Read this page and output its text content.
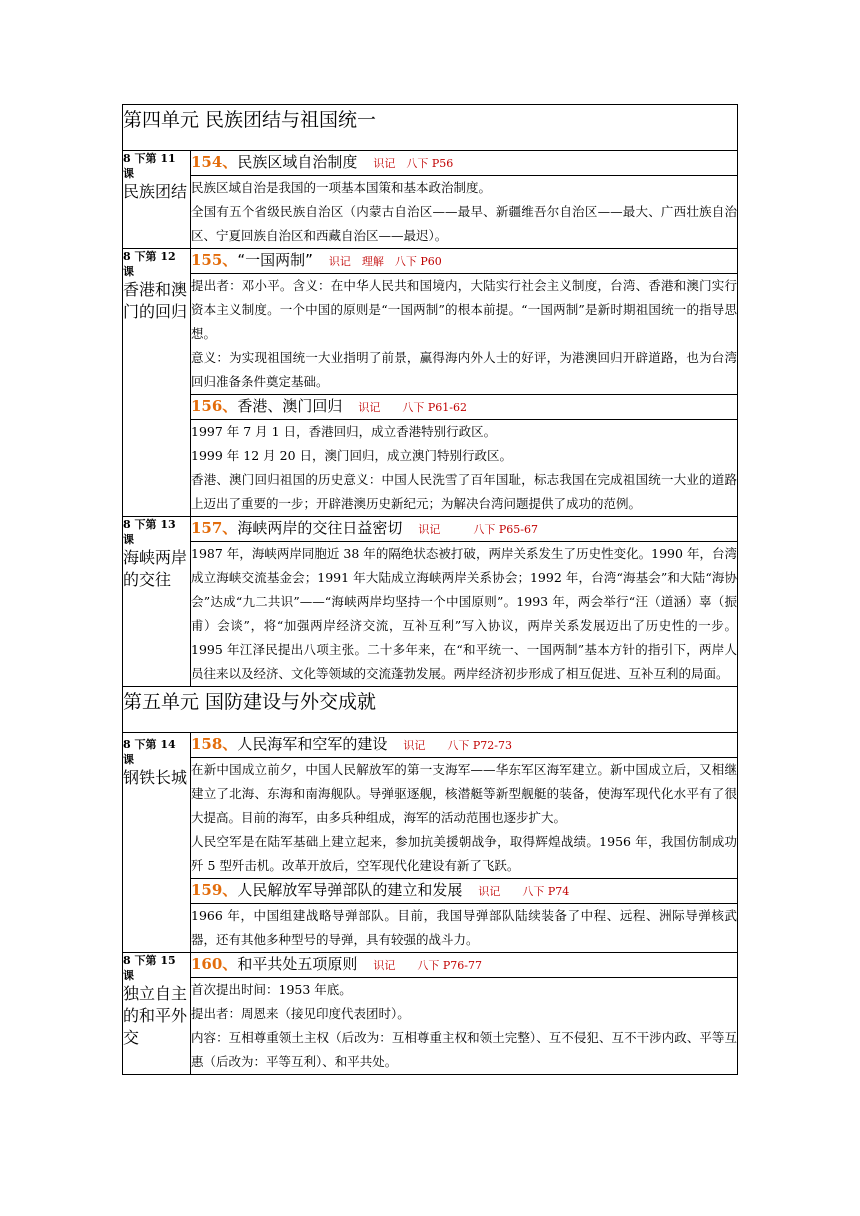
第四单元 民族团结与祖国统一	

8 下第 11 课
民族团结	154、民族区域自治制度 识记　八下 P56

	民族区域自治是我国的一项基本国策和基本政治制度。

全国有五个省级民族自治区（内蒙古自治区——最早、新疆维吾尔自治区——最大、广西壮族自治区、宁夏回族自治区和西藏自治区——最迟）。

8 下第 12 课
香港和澳门的回归	155、“一国两制” 识记　理解　八下 P60

	提出者：邓小平。含义：在中华人民共和国境内，大陆实行社会主义制度，台湾、香港和澳门实行资本主义制度。一个中国的原则是“一国两制”的根本前提。“一国两制”是新时期祖国统一的指导思想。

意义：为实现祖国统一大业指明了前景，赢得海内外人士的好评，为港澳回归开辟道路，也为台湾回归准备条件奠定基础。

	156、香港、澳门回归 识记　　八下 P61-62

	1997 年 7 月 1 日，香港回归，成立香港特别行政区。

1999 年 12 月 20 日，澳门回归，成立澳门特别行政区。

香港、澳门回归祖国的历史意义：中国人民洗雪了百年国耻，标志我国在完成祖国统一大业的道路上迈出了重要的一步；开辟港澳历史新纪元；为解决台湾问题提供了成功的范例。

8 下第 13 课
海峡两岸的交往	157、海峡两岸的交往日益密切 识记　　　八下 P65-67

	1987 年，海峡两岸同胞近 38 年的隔绝状态被打破，两岸关系发生了历史性变化。1990 年，台湾成立海峡交流基金会；1991 年大陆成立海峡两岸关系协会；1992 年，台湾“海基会”和大陆“海协会”达成“九二共识”——“海峡两岸均坚持一个中国原则”。1993 年，两会举行“汪（道涵）辜（振甫）会谈”，将“加强两岸经济交流，互补互利”写入协议，两岸关系发展迈出了历史性的一步。1995 年江泽民提出八项主张。二十多年来，在“和平统一、一国两制”基本方针的指引下，两岸人员往来以及经济、文化等领域的交流蓬勃发展。两岸经济初步形成了相互促进、互补互利的局面。

第五单元 国防建设与外交成就	

8 下第 14 课
钢铁长城	158、人民海军和空军的建设 识记　　八下 P72-73

	在新中国成立前夕，中国人民解放军的第一支海军——华东军区海军建立。新中国成立后，又相继建立了北海、东海和南海舰队。导弹驱逐舰，核潜艇等新型舰艇的装备，使海军现代化水平有了很大提高。目前的海军，由多兵种组成，海军的活动范围也逐步扩大。

人民空军是在陆军基础上建立起来，参加抗美援朝战争，取得辉煌战绩。1956 年，我国仿制成功歼 5 型歼击机。改革开放后，空军现代化建设有新了飞跃。

	159、人民解放军导弹部队的建立和发展 识记　　八下 P74

	1966 年，中国组建战略导弹部队。目前，我国导弹部队陆续装备了中程、远程、洲际导弹核武器，还有其他多种型号的导弹，具有较强的战斗力。

8 下第 15 课
独立自主的和平外交	160、和平共处五项原则 识记　　八下 P76-77

	首次提出时间：1953 年底。

提出者：周恩来（接见印度代表团时）。

内容：互相尊重领土主权（后改为：互相尊重主权和领土完整）、互不侵犯、互不干涉内政、平等互惠（后改为：平等互利）、和平共处。
